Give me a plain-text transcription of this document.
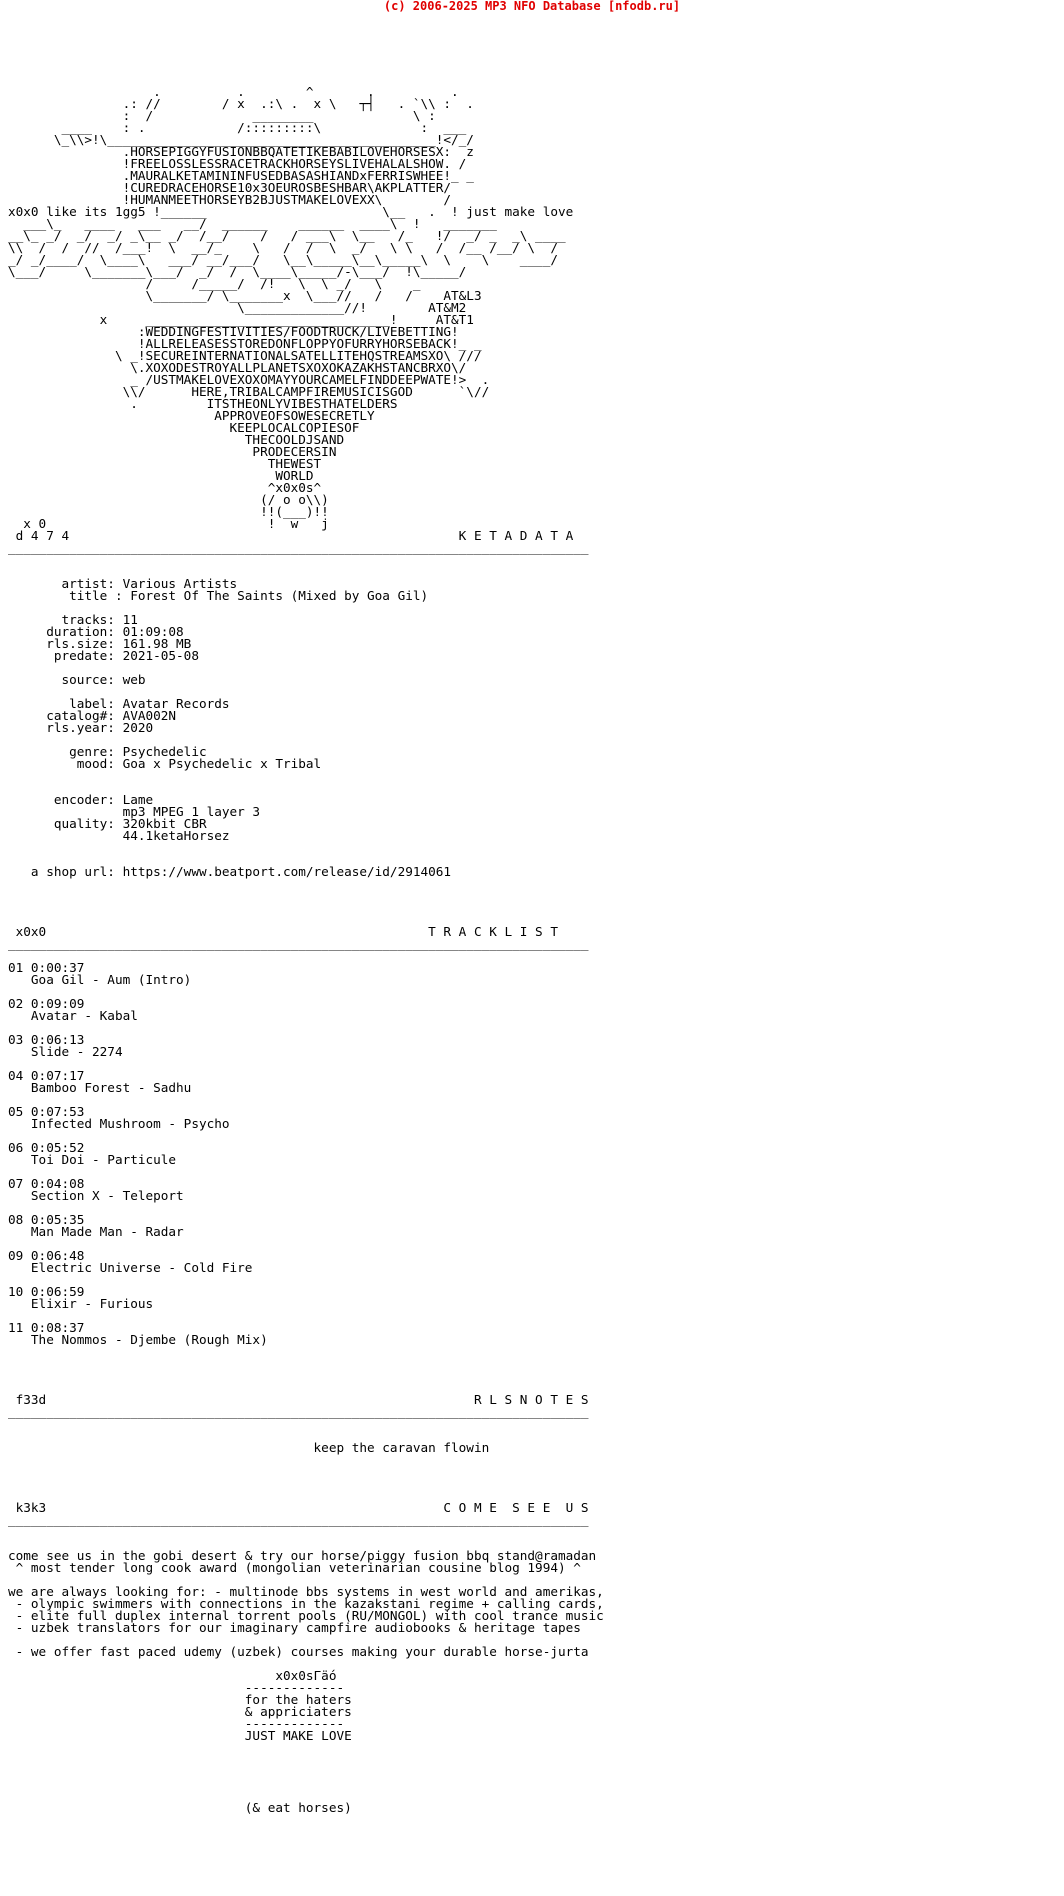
(c) 2006-2025 MP3 NFO Database [nfodb.ru]
.          .        ^       .          .
.: //        / x  .:\ .  x \   ┬┤   . `\\ :  .
:  /             ________             \ :
____    : .            /:::::::::\             :  ___
\_\\>!\___________________________________________!</_/
.HORSEPIGGYFUSIONBBQATETIKEBABILOVEHORSESX:  z
!FREELOSSLESSRACETRACKHORSEYSLIVEHALALSHOW. /
.MAURALKETAMININFUSEDBASASHIANDxFERRISWHEE!_ _
!CUREDRACEHORSE10x3OEUROSBESHBAR\AKPLATTER/
!HUMANMEETHORSEYB2BJUSTMAKELOVEXX\        /
x0x0 like its 1gg5 !______                       \__   .  ! just make love
___\_   ____   ___   __/  ______    ______  ____\  !   _______
__\_ _/  _/  _/ _\__ _/  /__/    /   / ___\  \__   /_   !/  _/ _  _\ ____
\\  /  /  //  /___!  \  __/_    \   /  /  \  _/   \ \   /  /__ /__/ \  /
_/ _/____/  \____\   ___/ __/___/   \__\_____\__\_____\  \    \    ____/
\___/     \_______\___/  _/  /  \____\_____/-\___/  !\_____/
/     /_____/  /!   \  \ _/   \    _
\_______/ \_______x  \___//   /   /    AT&L3
\_____________//!        AT&M2
x     ________________________________!     AT&T1
:WEDDINGFESTIVITIES/FOODTRUCK/LIVEBETTING!
!ALLRELEASESSTOREDONFLOPPYOFURRYHORSEBACK!_ _
\ _!SECUREINTERNATIONALSATELLITEHQSTREAMSXO\ ///
\.XOXODESTROYALLPLANETSXOXOKAZAKHSTANCBRXO\/
_ /USTMAKELOVEXOXOMAYYOURCAMELFINDDEEPWATE!>  .
\\/      HERE,TRIBALCAMPFIREMUSICISGOD      `\//
.         ITSTHEONLYVIBESTHATELDERS
APPROVEOFSOWESECRETLY
KEEPLOCALCOPIESOF
THECOOLDJSAND
PRODECERSIN
THEWEST
WORLD
^x0x0s^
(/ o o\\)
!!(___)!!
x 0                             !  w   j
d 4 7 4                                                   K E T A D A T A
____________________________________________________________________________

artist: Various Artists
title : Forest Of The Saints (Mixed by Goa Gil)

tracks: 11
duration: 01:09:08
rls.size: 161.98 MB
predate: 2021-05-08

source: web

label: Avatar Records
catalog#: AVA002N
rls.year: 2020

genre: Psychedelic
mood: Goa x Psychedelic x Tribal

encoder: Lame
mp3 MPEG 1 layer 3
quality: 320kbit CBR
44.1ketaHorsez

a shop url: https://www.beatport.com/release/id/2914061

x0x0                                                  T R A C K L I S T
____________________________________________________________________________

01 0:00:37
Goa Gil - Aum (Intro)

02 0:09:09
Avatar - Kabal

03 0:06:13
Slide - 2274

04 0:07:17
Bamboo Forest - Sadhu

05 0:07:53
Infected Mushroom - Psycho

06 0:05:52
Toi Doi - Particule

07 0:04:08
Section X - Teleport

08 0:05:35
Man Made Man - Radar

09 0:06:48
Electric Universe - Cold Fire

10 0:06:59
Elixir - Furious

11 0:08:37
The Nommos - Djembe (Rough Mix)

f33d                                                        R L S N O T E S
____________________________________________________________________________

keep the caravan flowin

k3k3                                                    C O M E  S E E  U S
____________________________________________________________________________

come see us in the gobi desert & try our horse/piggy fusion bbq stand@ramadan
^ most tender long cook award (mongolian veterinarian cousine blog 1994) ^

we are always looking for: - multinode bbs systems in west world and amerikas,
- olympic swimmers with connections in the kazakstani regime + calling cards,
- elite full duplex internal torrent pools (RU/MONGOL) with cool trance music
- uzbek translators for our imaginary campfire audiobooks & heritage tapes

- we offer fast paced udemy (uzbek) courses making your durable horse-jurta

x0x0sГäó
-------------
for the haters
& appriciaters
-------------
JUST MAKE LOVE

(& eat horses)
